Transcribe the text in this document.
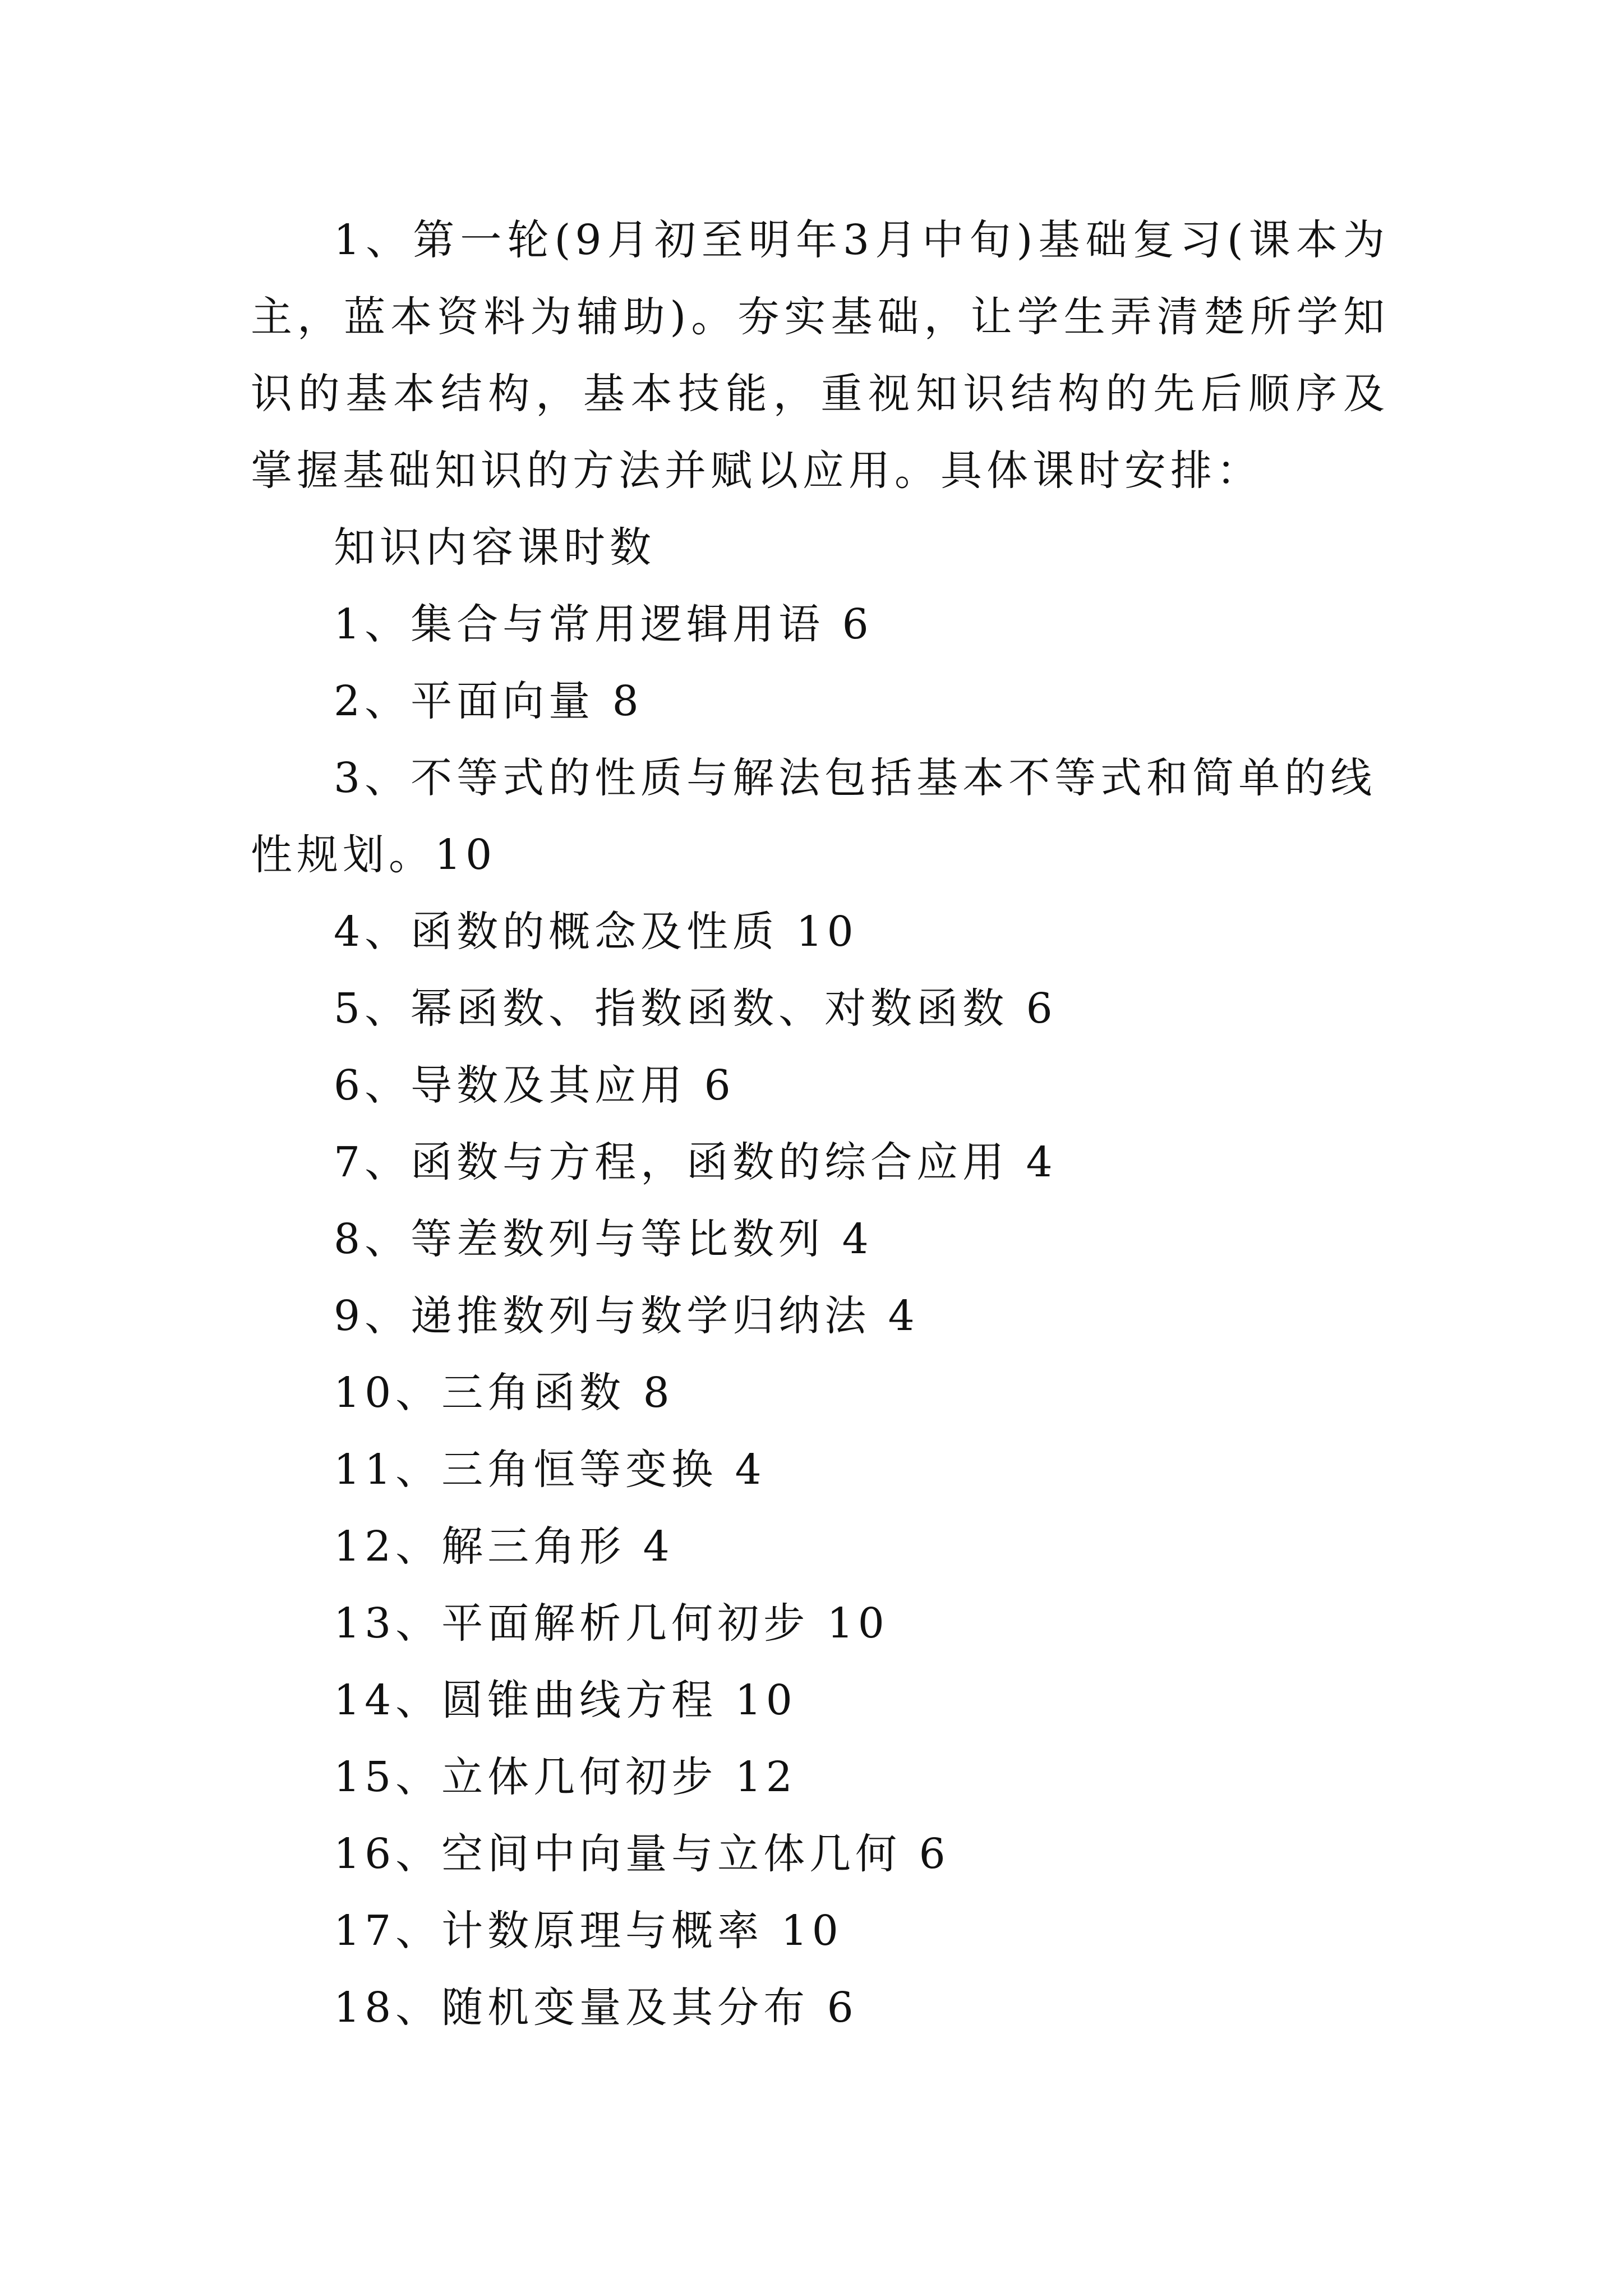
1、第一轮(9月初至明年3月中旬)基础复习(课本为主，蓝本资料为辅助)。夯实基础，让学生弄清楚所学知识的基本结构，基本技能，重视知识结构的先后顺序及掌握基础知识的方法并赋以应用。具体课时安排：

知识内容课时数

1、集合与常用逻辑用语 6

2、平面向量 8

3、不等式的性质与解法包括基本不等式和简单的线性规划。10

4、函数的概念及性质 10

5、幂函数、指数函数、对数函数 6

6、导数及其应用 6

7、函数与方程，函数的综合应用 4

8、等差数列与等比数列 4

9、递推数列与数学归纳法 4

10、三角函数 8

11、三角恒等变换 4

12、解三角形 4

13、平面解析几何初步 10

14、圆锥曲线方程 10

15、立体几何初步 12

16、空间中向量与立体几何 6

17、计数原理与概率 10

18、随机变量及其分布 6
